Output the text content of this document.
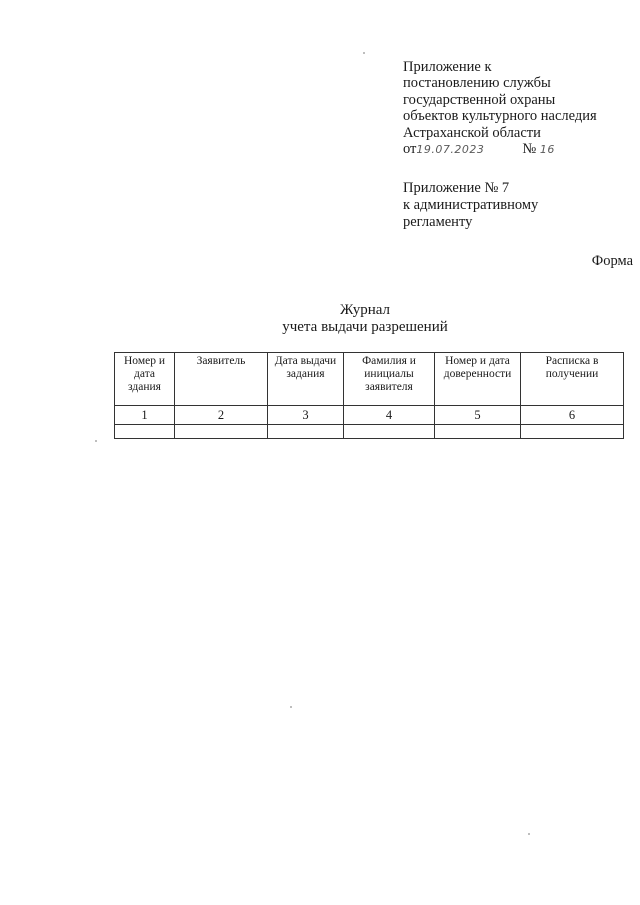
Приложение к
постановлению службы
государственной охраны
объектов культурного наследия
Астраханской области
от19.07.2023	№ 16
Приложение № 7
к административному
регламенту
Форма
Журнал
учета выдачи разрешений
Номер и дата здания	Заявитель	Дата выдачи задания	Фамилия и инициалы заявителя	Номер и дата доверенности	Расписка в получении
1	2	3	4	5	6
